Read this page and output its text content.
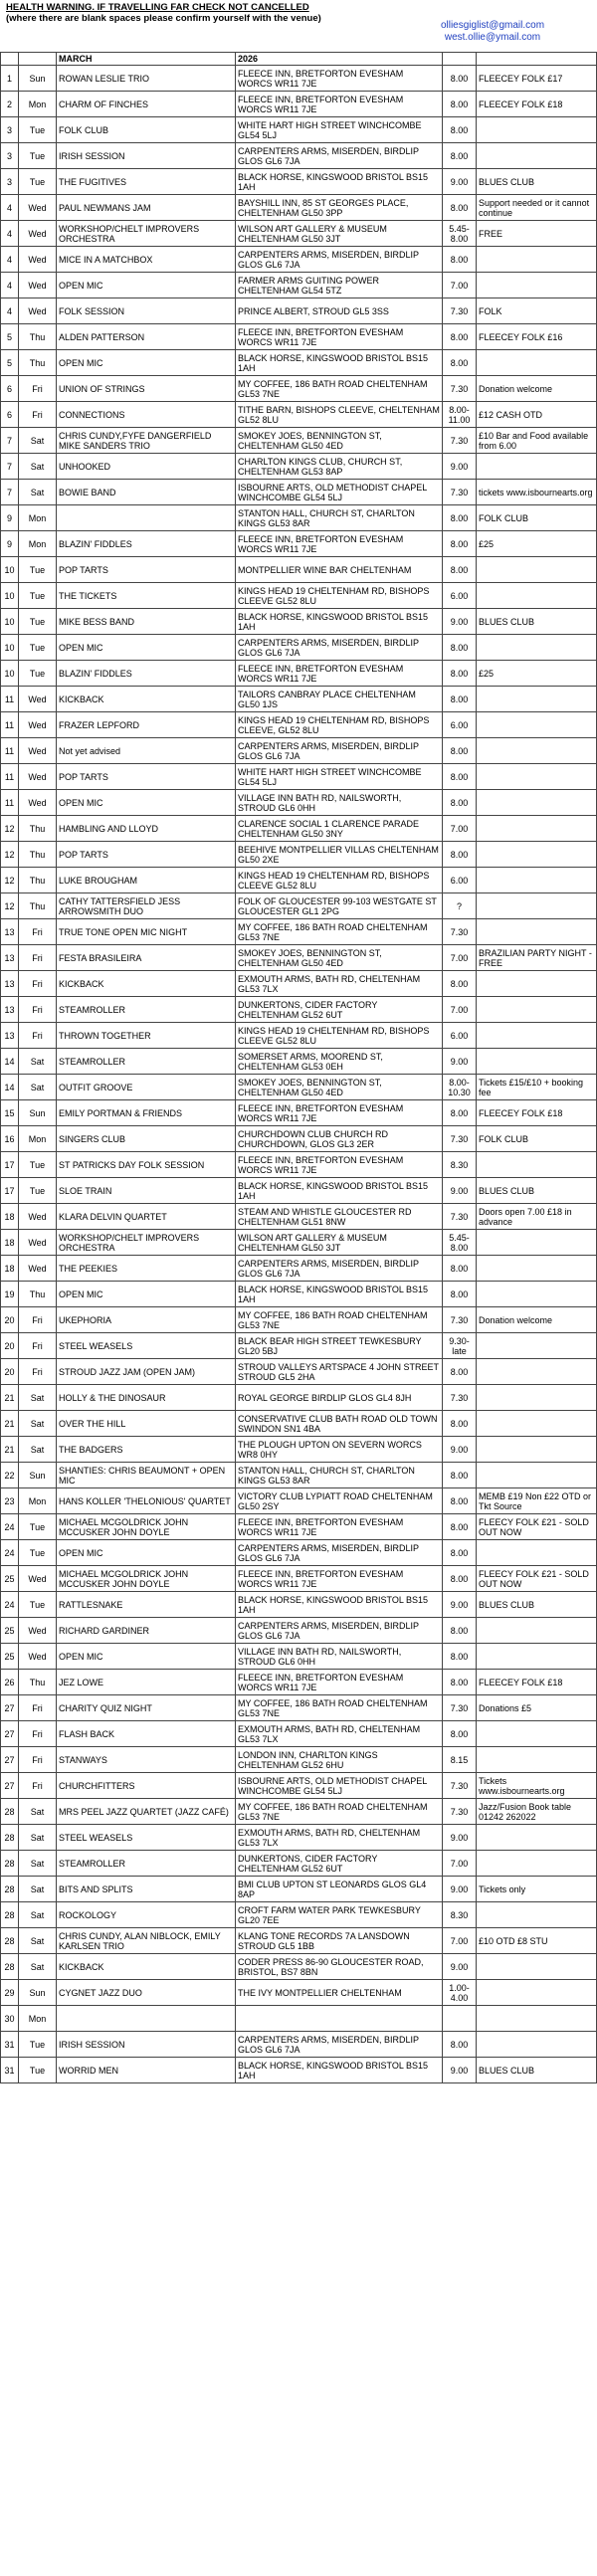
HEALTH WARNING. IF TRAVELLING FAR CHECK NOT CANCELLED
(where there are blank spaces please confirm yourself with the venue)
olliesgiglist@gmail.com
west.ollie@ymail.com
		MARCH	2026		
1	Sun	ROWAN LESLIE TRIO	FLEECE INN, BRETFORTON EVESHAM WORCS WR11 7JE	8.00	FLEECEY FOLK £17
2	Mon	CHARM OF FINCHES	FLEECE INN, BRETFORTON EVESHAM WORCS WR11 7JE	8.00	FLEECEY FOLK £18
3	Tue	FOLK CLUB	WHITE HART HIGH STREET WINCHCOMBE GL54 5LJ	8.00	
3	Tue	IRISH SESSION	CARPENTERS ARMS, MISERDEN, BIRDLIP GLOS GL6 7JA	8.00	
3	Tue	THE FUGITIVES	BLACK HORSE, KINGSWOOD BRISTOL BS15 1AH	9.00	BLUES CLUB
4	Wed	PAUL NEWMANS JAM	BAYSHILL INN, 85 ST GEORGES PLACE, CHELTENHAM GL50 3PP	8.00	Support needed or it cannot continue
4	Wed	WORKSHOP/CHELT IMPROVERS ORCHESTRA	WILSON ART GALLERY & MUSEUM CHELTENHAM GL50 3JT	5.45-8.00	FREE
4	Wed	MICE IN A MATCHBOX	CARPENTERS ARMS, MISERDEN, BIRDLIP GLOS GL6 7JA	8.00	
4	Wed	OPEN MIC	FARMER ARMS GUITING POWER CHELTENHAM GL54 5TZ	7.00	
4	Wed	FOLK SESSION	PRINCE ALBERT, STROUD GL5 3SS	7.30	FOLK
5	Thu	ALDEN PATTERSON	FLEECE INN, BRETFORTON EVESHAM WORCS WR11 7JE	8.00	FLEECEY FOLK £16
5	Thu	OPEN MIC	BLACK HORSE, KINGSWOOD BRISTOL BS15 1AH	8.00	
6	Fri	UNION OF STRINGS	MY COFFEE, 186 BATH ROAD CHELTENHAM GL53 7NE	7.30	Donation welcome
6	Fri	CONNECTIONS	TITHE BARN, BISHOPS CLEEVE, CHELTENHAM GL52 8LU	8.00-11.00	£12 CASH OTD
7	Sat	CHRIS CUNDY,FYFE DANGERFIELD MIKE SANDERS TRIO	SMOKEY JOES, BENNINGTON ST, CHELTENHAM GL50 4ED	7.30	£10 Bar and Food available from 6.00
7	Sat	UNHOOKED	CHARLTON KINGS CLUB, CHURCH ST, CHELTENHAM GL53 8AP	9.00	
7	Sat	BOWIE BAND	ISBOURNE ARTS, OLD METHODIST CHAPEL WINCHCOMBE GL54 5LJ	7.30	tickets www.isbournearts.org
9	Mon		STANTON HALL, CHURCH ST, CHARLTON KINGS GL53 8AR	8.00	FOLK CLUB
9	Mon	BLAZIN' FIDDLES	FLEECE INN, BRETFORTON EVESHAM WORCS WR11 7JE	8.00	£25
10	Tue	POP TARTS	MONTPELLIER WINE BAR CHELTENHAM	8.00	
10	Tue	THE TICKETS	KINGS HEAD 19 CHELTENHAM RD, BISHOPS CLEEVE GL52 8LU	6.00	
10	Tue	MIKE BESS BAND	BLACK HORSE, KINGSWOOD BRISTOL BS15 1AH	9.00	BLUES CLUB
10	Tue	OPEN MIC	CARPENTERS ARMS, MISERDEN, BIRDLIP GLOS GL6 7JA	8.00	
10	Tue	BLAZIN' FIDDLES	FLEECE INN, BRETFORTON EVESHAM WORCS WR11 7JE	8.00	£25
11	Wed	KICKBACK	TAILORS CANBRAY PLACE CHELTENHAM GL50 1JS	8.00	
11	Wed	FRAZER LEPFORD	KINGS HEAD 19 CHELTENHAM RD, BISHOPS CLEEVE, GL52 8LU	6.00	
11	Wed	Not yet advised	CARPENTERS ARMS, MISERDEN, BIRDLIP GLOS GL6 7JA	8.00	
11	Wed	POP TARTS	WHITE HART HIGH STREET WINCHCOMBE GL54 5LJ	8.00	
11	Wed	OPEN MIC	VILLAGE INN BATH RD, NAILSWORTH, STROUD GL6 0HH	8.00	
12	Thu	HAMBLING AND LLOYD	CLARENCE SOCIAL 1 CLARENCE PARADE CHELTENHAM GL50 3NY	7.00	
12	Thu	POP TARTS	BEEHIVE MONTPELLIER VILLAS CHELTENHAM GL50 2XE	8.00	
12	Thu	LUKE BROUGHAM	KINGS HEAD 19 CHELTENHAM RD, BISHOPS CLEEVE GL52 8LU	6.00	
12	Thu	CATHY TATTERSFIELD JESS ARROWSMITH DUO	FOLK OF GLOUCESTER 99-103 WESTGATE ST GLOUCESTER GL1 2PG	?	
13	Fri	TRUE TONE OPEN MIC NIGHT	MY COFFEE, 186 BATH ROAD CHELTENHAM GL53 7NE	7.30	
13	Fri	FESTA BRASILEIRA	SMOKEY JOES, BENNINGTON ST, CHELTENHAM GL50 4ED	7.00	BRAZILIAN PARTY NIGHT - FREE
13	Fri	KICKBACK	EXMOUTH ARMS, BATH RD, CHELTENHAM GL53 7LX	8.00	
13	Fri	STEAMROLLER	DUNKERTONS, CIDER FACTORY CHELTENHAM GL52 6UT	7.00	
13	Fri	THROWN TOGETHER	KINGS HEAD 19 CHELTENHAM RD, BISHOPS CLEEVE GL52 8LU	6.00	
14	Sat	STEAMROLLER	SOMERSET ARMS, MOOREND ST, CHELTENHAM GL53 0EH	9.00	
14	Sat	OUTFIT GROOVE	SMOKEY JOES, BENNINGTON ST, CHELTENHAM GL50 4ED	8.00-10.30	Tickets £15/£10 + booking fee
15	Sun	EMILY PORTMAN & FRIENDS	FLEECE INN, BRETFORTON EVESHAM WORCS WR11 7JE	8.00	FLEECEY FOLK £18
16	Mon	SINGERS CLUB	CHURCHDOWN CLUB CHURCH RD CHURCHDOWN, GLOS GL3 2ER	7.30	FOLK CLUB
17	Tue	ST PATRICKS DAY FOLK SESSION	FLEECE INN, BRETFORTON EVESHAM WORCS WR11 7JE	8.30	
17	Tue	SLOE TRAIN	BLACK HORSE, KINGSWOOD BRISTOL BS15 1AH	9.00	BLUES CLUB
18	Wed	KLARA DELVIN QUARTET	STEAM AND WHISTLE GLOUCESTER RD CHELTENHAM GL51 8NW	7.30	Doors open 7.00 £18 in advance
18	Wed	WORKSHOP/CHELT IMPROVERS ORCHESTRA	WILSON ART GALLERY & MUSEUM CHELTENHAM GL50 3JT	5.45-8.00	
18	Wed	THE PEEKIES	CARPENTERS ARMS, MISERDEN, BIRDLIP GLOS GL6 7JA	8.00	
19	Thu	OPEN MIC	BLACK HORSE, KINGSWOOD BRISTOL BS15 1AH	8.00	
20	Fri	UKEPHORIA	MY COFFEE, 186 BATH ROAD CHELTENHAM GL53 7NE	7.30	Donation welcome
20	Fri	STEEL WEASELS	BLACK BEAR HIGH STREET TEWKESBURY GL20 5BJ	9.30-late	
20	Fri	STROUD JAZZ JAM (OPEN JAM)	STROUD VALLEYS ARTSPACE 4 JOHN STREET STROUD GL5 2HA	8.00	
21	Sat	HOLLY & THE DINOSAUR	ROYAL GEORGE BIRDLIP GLOS GL4 8JH	7.30	
21	Sat	OVER THE HILL	CONSERVATIVE CLUB BATH ROAD OLD TOWN SWINDON SN1 4BA	8.00	
21	Sat	THE BADGERS	THE PLOUGH UPTON ON SEVERN WORCS WR8 0HY	9.00	
22	Sun	SHANTIES: CHRIS BEAUMONT + OPEN MIC	STANTON HALL, CHURCH ST, CHARLTON KINGS GL53 8AR	8.00	
23	Mon	HANS KOLLER 'THELONIOUS' QUARTET	VICTORY CLUB LYPIATT ROAD CHELTENHAM GL50 2SY	8.00	MEMB £19 Non £22 OTD or Tkt Source
24	Tue	MICHAEL MCGOLDRICK JOHN MCCUSKER JOHN DOYLE	FLEECE INN, BRETFORTON EVESHAM WORCS WR11 7JE	8.00	FLEECY FOLK £21 - SOLD OUT NOW
24	Tue	OPEN MIC	CARPENTERS ARMS, MISERDEN, BIRDLIP GLOS GL6 7JA	8.00	
25	Wed	MICHAEL MCGOLDRICK JOHN MCCUSKER JOHN DOYLE	FLEECE INN, BRETFORTON EVESHAM WORCS WR11 7JE	8.00	FLEECY FOLK £21 - SOLD OUT NOW
24	Tue	RATTLESNAKE	BLACK HORSE, KINGSWOOD BRISTOL BS15 1AH	9.00	BLUES CLUB
25	Wed	RICHARD GARDINER	CARPENTERS ARMS, MISERDEN, BIRDLIP GLOS GL6 7JA	8.00	
25	Wed	OPEN MIC	VILLAGE INN BATH RD, NAILSWORTH, STROUD GL6 0HH	8.00	
26	Thu	JEZ LOWE	FLEECE INN, BRETFORTON EVESHAM WORCS WR11 7JE	8.00	FLEECEY FOLK £18
27	Fri	CHARITY QUIZ NIGHT	MY COFFEE, 186 BATH ROAD CHELTENHAM GL53 7NE	7.30	Donations £5
27	Fri	FLASH BACK	EXMOUTH ARMS, BATH RD, CHELTENHAM GL53 7LX	8.00	
27	Fri	STANWAYS	LONDON INN, CHARLTON KINGS CHELTENHAM GL52 6HU	8.15	
27	Fri	CHURCHFITTERS	ISBOURNE ARTS, OLD METHODIST CHAPEL WINCHCOMBE GL54 5LJ	7.30	Tickets www.isbournearts.org
28	Sat	MRS PEEL JAZZ QUARTET (JAZZ CAFÉ)	MY COFFEE, 186 BATH ROAD CHELTENHAM GL53 7NE	7.30	Jazz/Fusion Book table 01242 262022
28	Sat	STEEL WEASELS	EXMOUTH ARMS, BATH RD, CHELTENHAM GL53 7LX	9.00	
28	Sat	STEAMROLLER	DUNKERTONS, CIDER FACTORY CHELTENHAM GL52 6UT	7.00	
28	Sat	BITS AND SPLITS	BMI CLUB UPTON ST LEONARDS GLOS GL4 8AP	9.00	Tickets only
28	Sat	ROCKOLOGY	CROFT FARM WATER PARK TEWKESBURY GL20 7EE	8.30	
28	Sat	CHRIS CUNDY, ALAN NIBLOCK, EMILY KARLSEN TRIO	KLANG TONE RECORDS 7A LANSDOWN STROUD GL5 1BB	7.00	£10 OTD £8 STU
28	Sat	KICKBACK	CODER PRESS 86-90 GLOUCESTER ROAD, BRISTOL, BS7 8BN	9.00	
29	Sun	CYGNET JAZZ DUO	THE IVY MONTPELLIER CHELTENHAM	1.00-4.00	
30	Mon				
31	Tue	IRISH SESSION	CARPENTERS ARMS, MISERDEN, BIRDLIP GLOS GL6 7JA	8.00	
31	Tue	WORRID MEN	BLACK HORSE, KINGSWOOD BRISTOL BS15 1AH	9.00	BLUES CLUB
